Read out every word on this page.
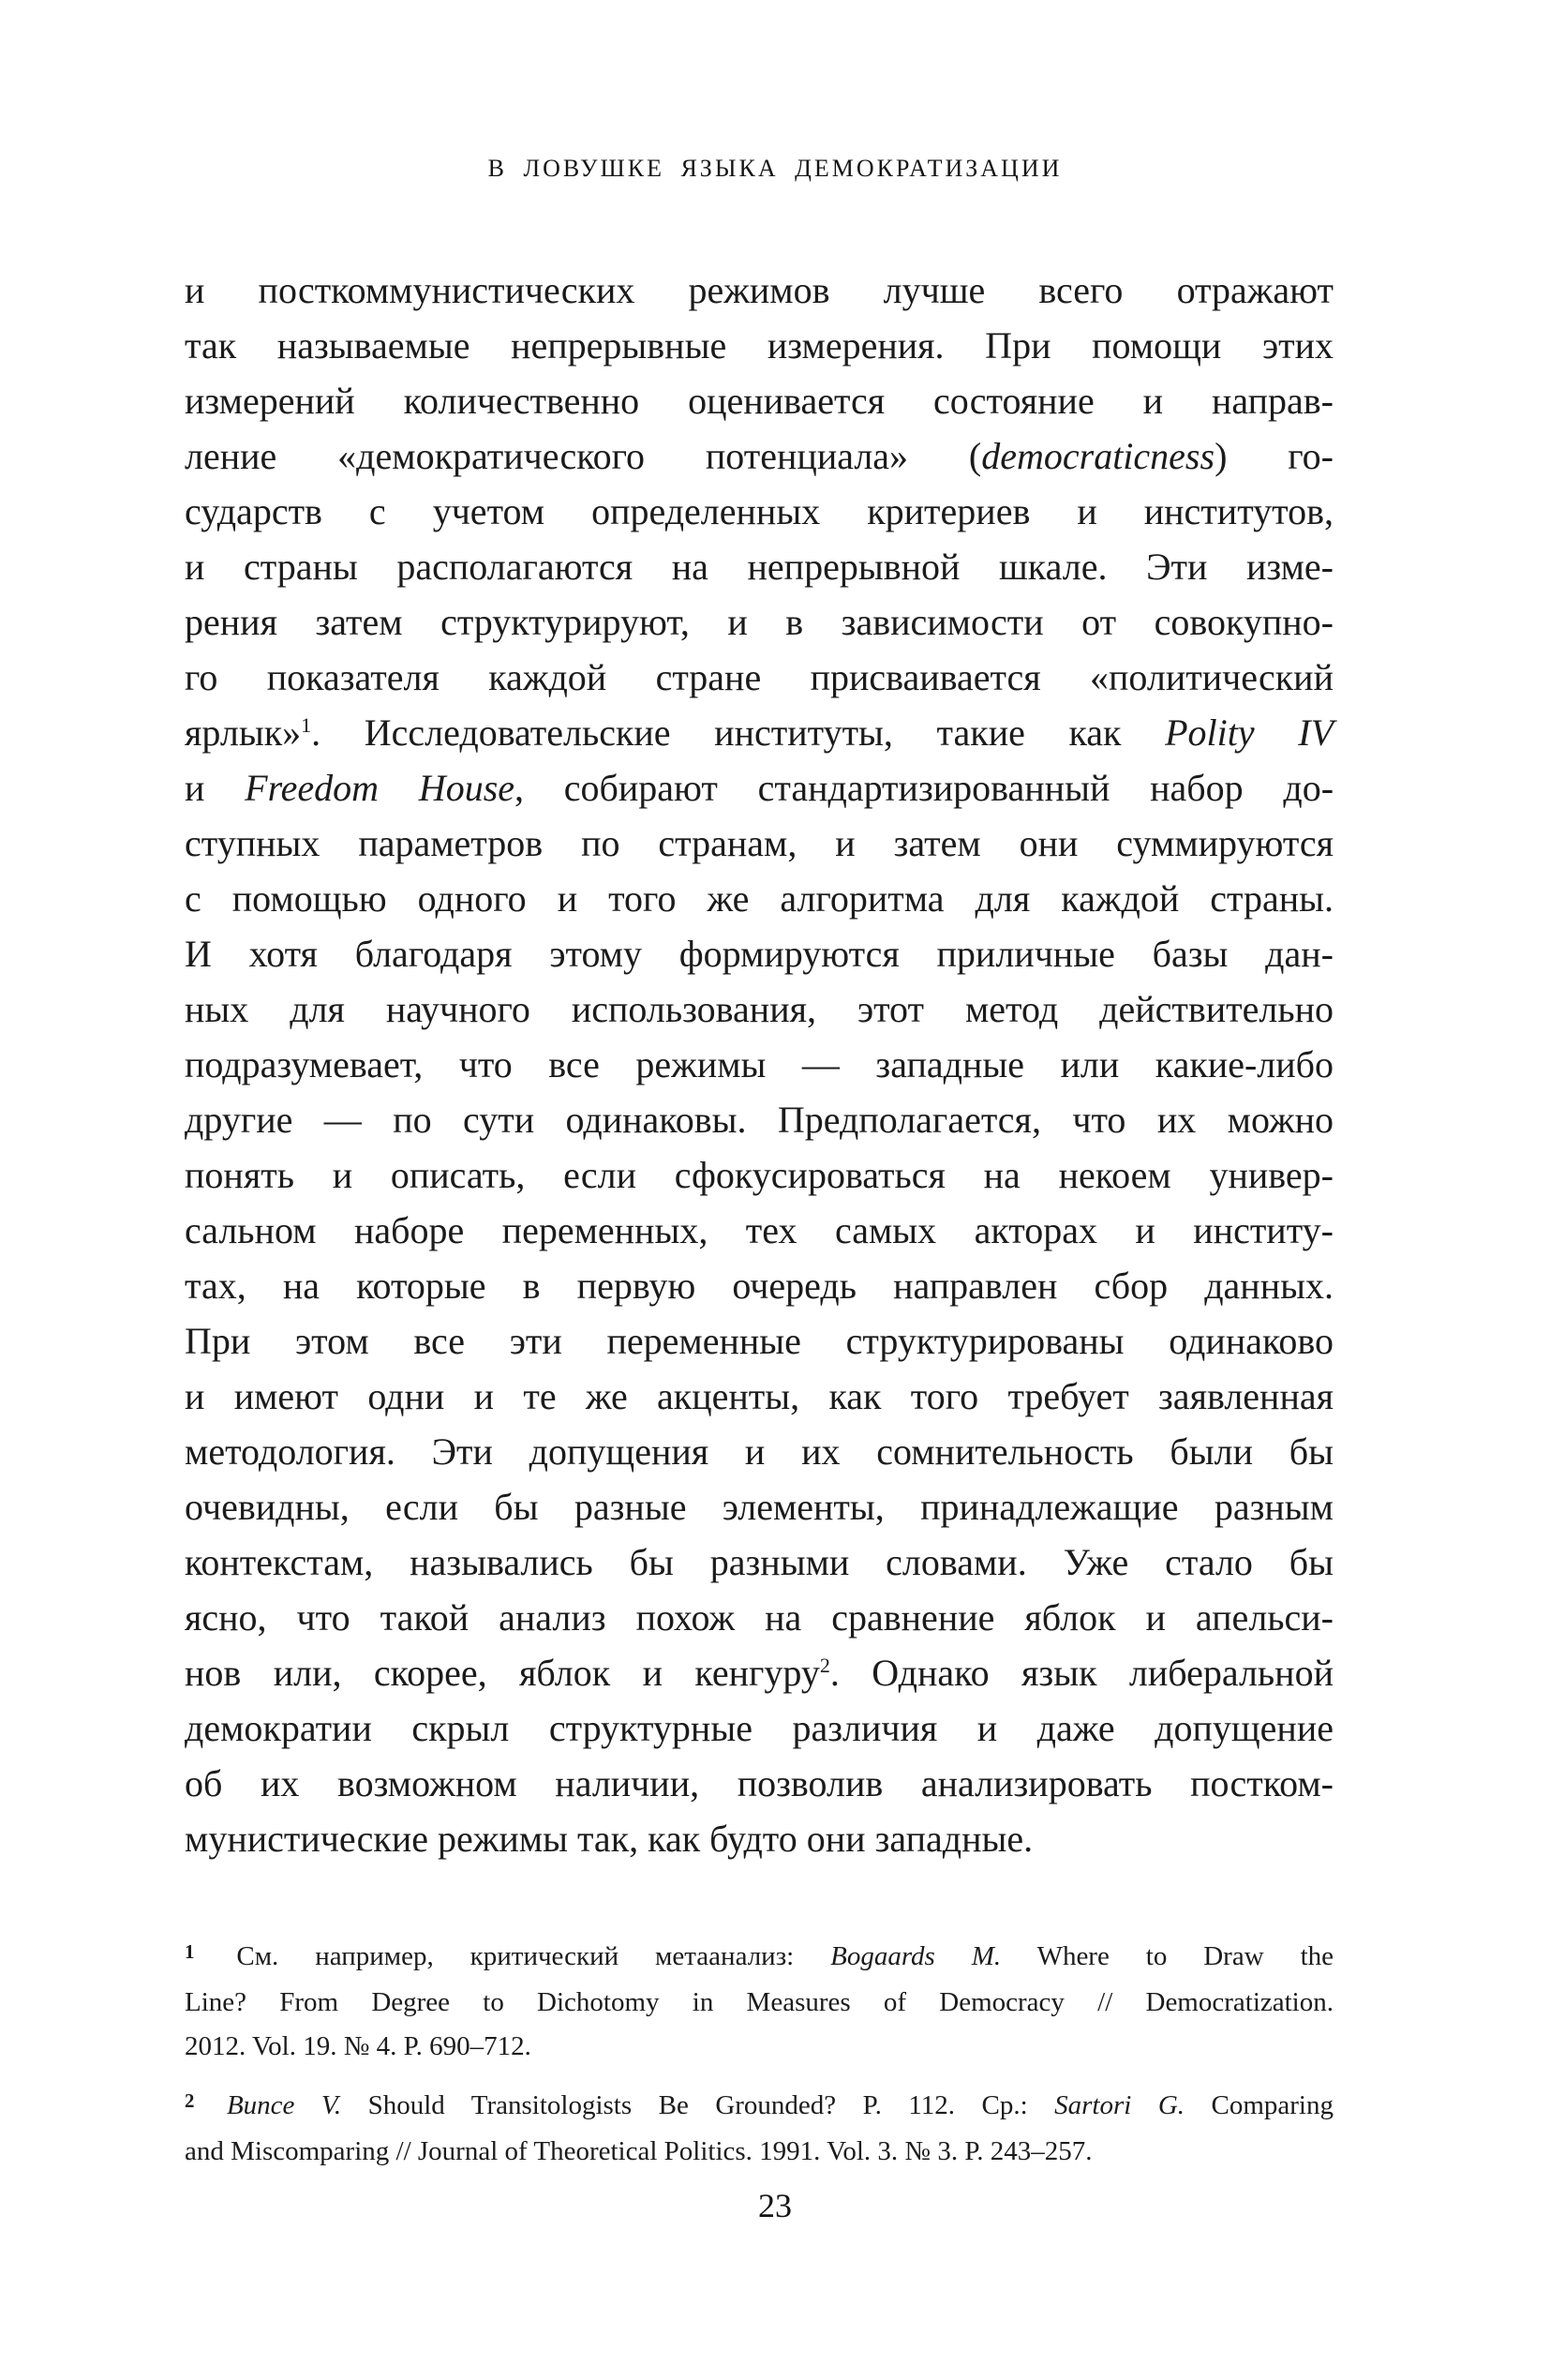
В ЛОВУШКЕ ЯЗЫКА ДЕМОКРАТИЗАЦИИ
и посткоммунистических режимов лучше всего отражают
так называемые непрерывные измерения. При помощи этих
измерений количественно оценивается состояние и направ-
ление «демократического потенциала» (democraticness) го-
сударств с учетом определенных критериев и институтов,
и страны располагаются на непрерывной шкале. Эти изме-
рения затем структурируют, и в зависимости от совокупно-
го показателя каждой стране присваивается «политический
ярлык»$^1$. Исследовательские институты, такие как Polity IV
и Freedom House, собирают стандартизированный набор до-
ступных параметров по странам, и затем они суммируются
с помощью одного и того же алгоритма для каждой страны.
И хотя благодаря этому формируются приличные базы дан-
ных для научного использования, этот метод действительно
подразумевает, что все режимы — западные или какие-либо
другие — по сути одинаковы. Предполагается, что их можно
понять и описать, если сфокусироваться на некоем универ-
сальном наборе переменных, тех самых акторах и институ-
тах, на которые в первую очередь направлен сбор данных.
При этом все эти переменные структурированы одинаково
и имеют одни и те же акценты, как того требует заявленная
методология. Эти допущения и их сомнительность были бы
очевидны, если бы разные элементы, принадлежащие разным
контекстам, назывались бы разными словами. Уже стало бы
ясно, что такой анализ похож на сравнение яблок и апельси-
нов или, скорее, яблок и кенгуру$^2$. Однако язык либеральной
демократии скрыл структурные различия и даже допущение
об их возможном наличии, позволив анализировать постком-
мунистические режимы так, как будто они западные.
$^1$ См. например, критический метаанализ: Bogaards M. Where to Draw the
Line? From Degree to Dichotomy in Measures of Democracy // Democratization.
2012. Vol. 19. № 4. P. 690–712.
$^2$ Bunce V. Should Transitologists Be Grounded? P. 112. Ср.: Sartori G. Comparing
and Miscomparing // Journal of Theoretical Politics. 1991. Vol. 3. № 3. P. 243–257.
23
